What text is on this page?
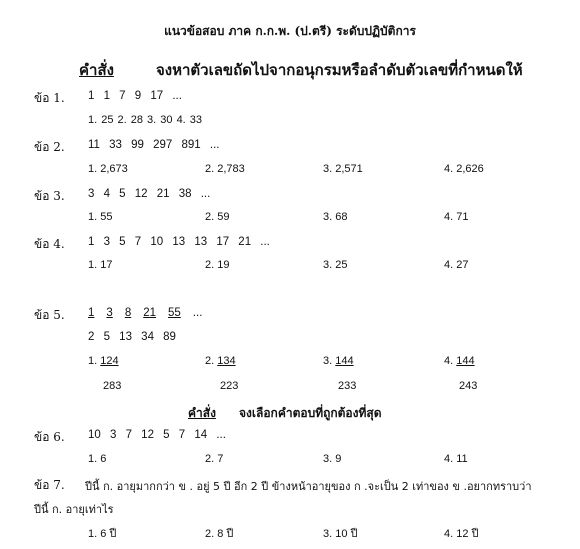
แนวข้อสอบ ภาค ก.ก.พ. (ป.ตรี) ระดับปฏิบัติการ
คำสั่ง	จงหาตัวเลขถัดไปจากอนุกรมหรือลำดับตัวเลขที่กำหนดให้
ข้อ 1. 1 1 7 9 17 ...
1. 25 2. 28 3. 30 4. 33
ข้อ 2. 11 33 99 297 891 ...
1. 2,673	2. 2,783	3. 2,571	4. 2,626
ข้อ 3. 3 4 5 12 21 38 ...
1. 55	2. 59	3. 68	4. 71
ข้อ 4. 1 3 5 7 10 13 13 17 21 ...
1. 17	2. 19	3. 25	4. 27
ข้อ 5. 1 3 8 21 55 ...
2 5 13 34 89
1. 124	2. 134	3. 144	4. 144
283	223	233	243
คำสั่ง จงเลือกคำตอบที่ถูกต้องที่สุด
ข้อ 6. 10 3 7 12 5 7 14 ...
1. 6	2. 7	3. 9	4. 11
ข้อ 7. ปีนี้ ก. อายุมากกว่า ข . อยู่ 5 ปี อีก 2 ปี ข้างหน้าอายุของ ก .จะเป็น 2 เท่าของ ข .อยากทราบว่า
ปีนี้ ก. อายุเท่าไร
1. 6 ปี	2. 8 ปี	3. 10 ปี	4. 12 ปี
